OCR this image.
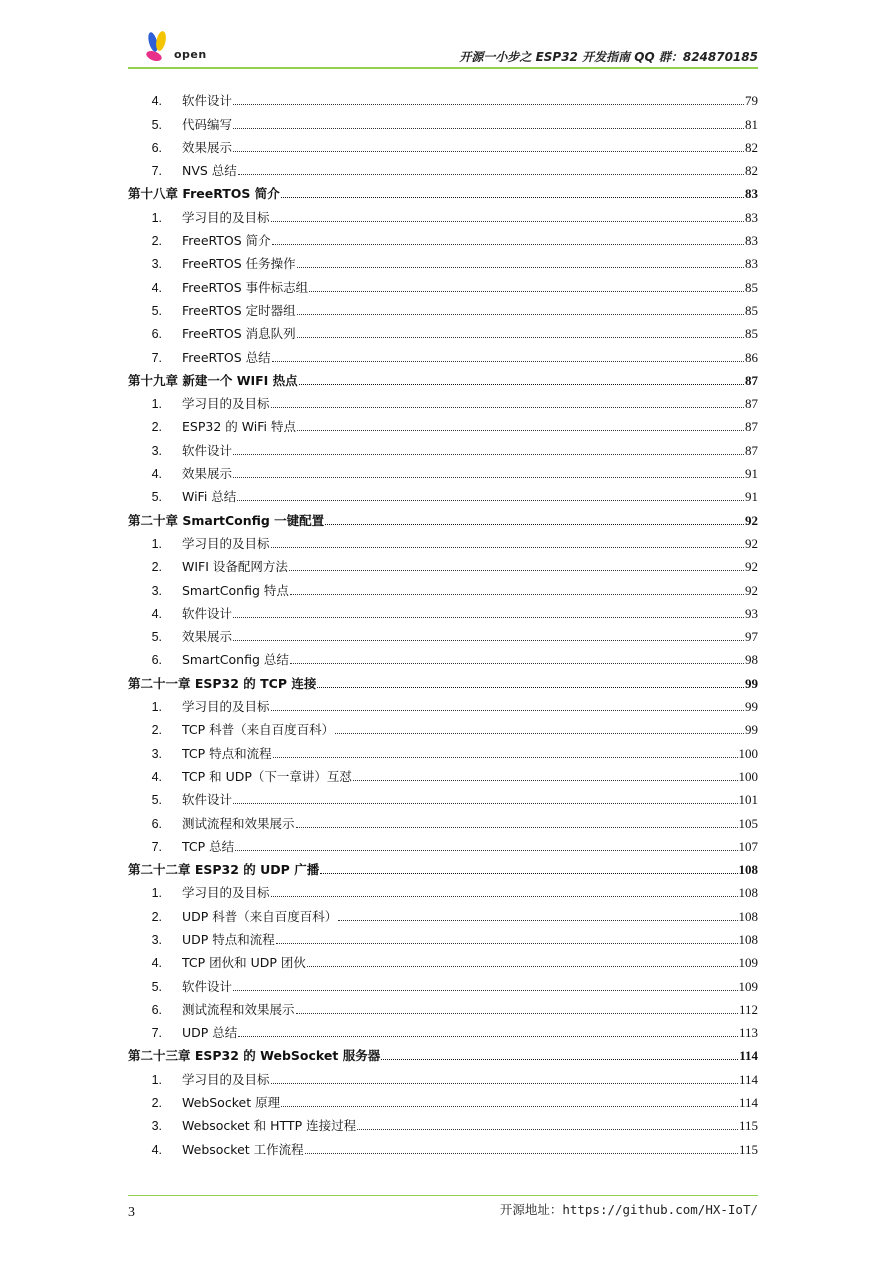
open	开源一小步之 ESP32 开发指南 QQ 群：824870185
4.	软件设计	79
5.	代码编写	81
6.	效果展示	82
7.	NVS 总结	82
第十八章 FreeRTOS 简介	83
1.	学习目的及目标	83
2.	FreeRTOS 简介	83
3.	FreeRTOS 任务操作	83
4.	FreeRTOS 事件标志组	85
5.	FreeRTOS 定时器组	85
6.	FreeRTOS 消息队列	85
7.	FreeRTOS 总结	86
第十九章 新建一个 WIFI 热点	87
1.	学习目的及目标	87
2.	ESP32 的 WiFi 特点	87
3.	软件设计	87
4.	效果展示	91
5.	WiFi 总结	91
第二十章 SmartConfig 一键配置	92
1.	学习目的及目标	92
2.	WIFI 设备配网方法	92
3.	SmartConfig 特点	92
4.	软件设计	93
5.	效果展示	97
6.	SmartConfig 总结	98
第二十一章 ESP32 的 TCP 连接	99
1.	学习目的及目标	99
2.	TCP 科普（来自百度百科）	99
3.	TCP 特点和流程	100
4.	TCP 和 UDP（下一章讲）互怼	100
5.	软件设计	101
6.	测试流程和效果展示	105
7.	TCP 总结	107
第二十二章 ESP32 的 UDP 广播	108
1.	学习目的及目标	108
2.	UDP 科普（来自百度百科）	108
3.	UDP 特点和流程	108
4.	TCP 团伙和 UDP 团伙	109
5.	软件设计	109
6.	测试流程和效果展示	112
7.	UDP 总结	113
第二十三章 ESP32 的 WebSocket 服务器	114
1.	学习目的及目标	114
2.	WebSocket 原理	114
3.	Websocket 和 HTTP 连接过程	115
4.	Websocket 工作流程	115
3	开源地址：https://github.com/HX-IoT/
